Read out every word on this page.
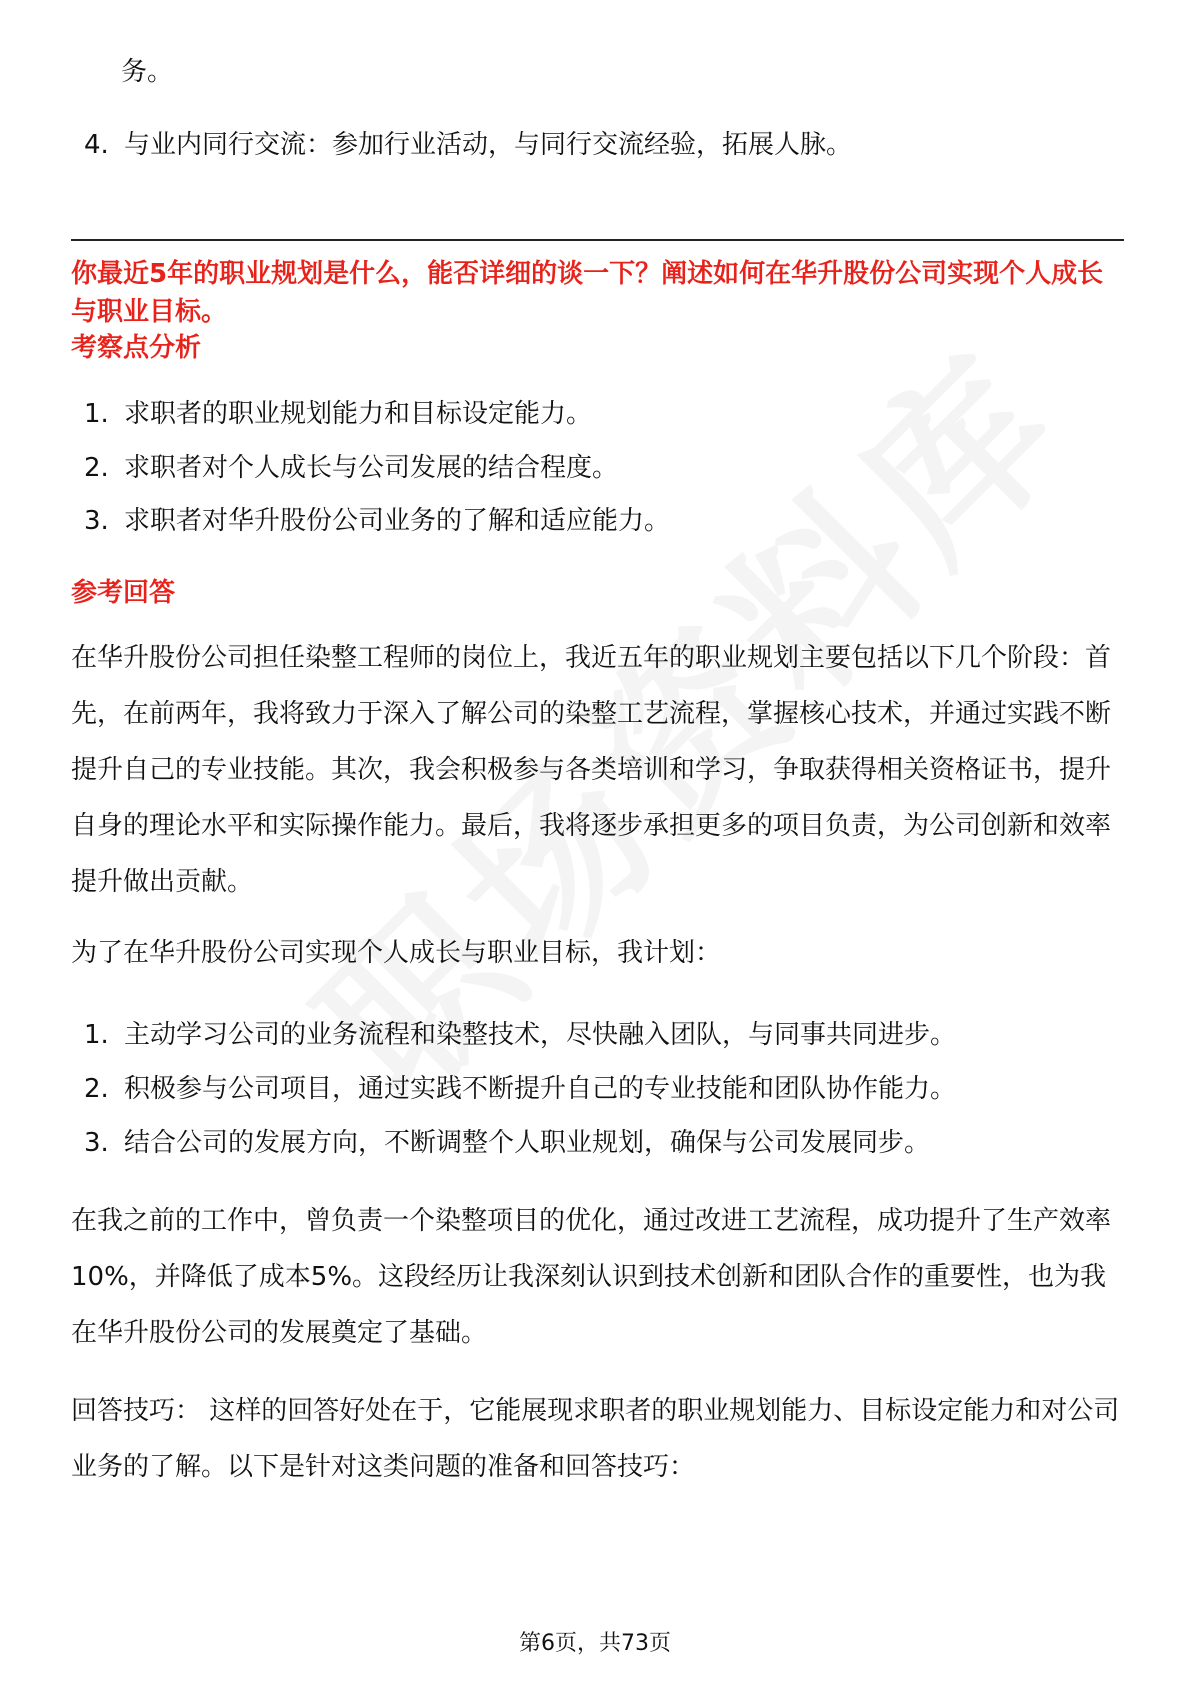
务。
4. 与业内同行交流：参加行业活动，与同行交流经验，拓展人脉。
你最近5年的职业规划是什么，能否详细的谈一下？阐述如何在华升股份公司实现个人成长与职业目标。
考察点分析
1. 求职者的职业规划能力和目标设定能力。
2. 求职者对个人成长与公司发展的结合程度。
3. 求职者对华升股份公司业务的了解和适应能力。
参考回答
在华升股份公司担任染整工程师的岗位上，我近五年的职业规划主要包括以下几个阶段：首先，在前两年，我将致力于深入了解公司的染整工艺流程，掌握核心技术，并通过实践不断提升自己的专业技能。其次，我会积极参与各类培训和学习，争取获得相关资格证书，提升自身的理论水平和实际操作能力。最后，我将逐步承担更多的项目负责，为公司创新和效率提升做出贡献。
为了在华升股份公司实现个人成长与职业目标，我计划：
1. 主动学习公司的业务流程和染整技术，尽快融入团队，与同事共同进步。
2. 积极参与公司项目，通过实践不断提升自己的专业技能和团队协作能力。
3. 结合公司的发展方向，不断调整个人职业规划，确保与公司发展同步。
在我之前的工作中，曾负责一个染整项目的优化，通过改进工艺流程，成功提升了生产效率10%，并降低了成本5%。这段经历让我深刻认识到技术创新和团队合作的重要性，也为我在华升股份公司的发展奠定了基础。
回答技巧： 这样的回答好处在于，它能展现求职者的职业规划能力、目标设定能力和对公司业务的了解。以下是针对这类问题的准备和回答技巧：
第6页，共73页
